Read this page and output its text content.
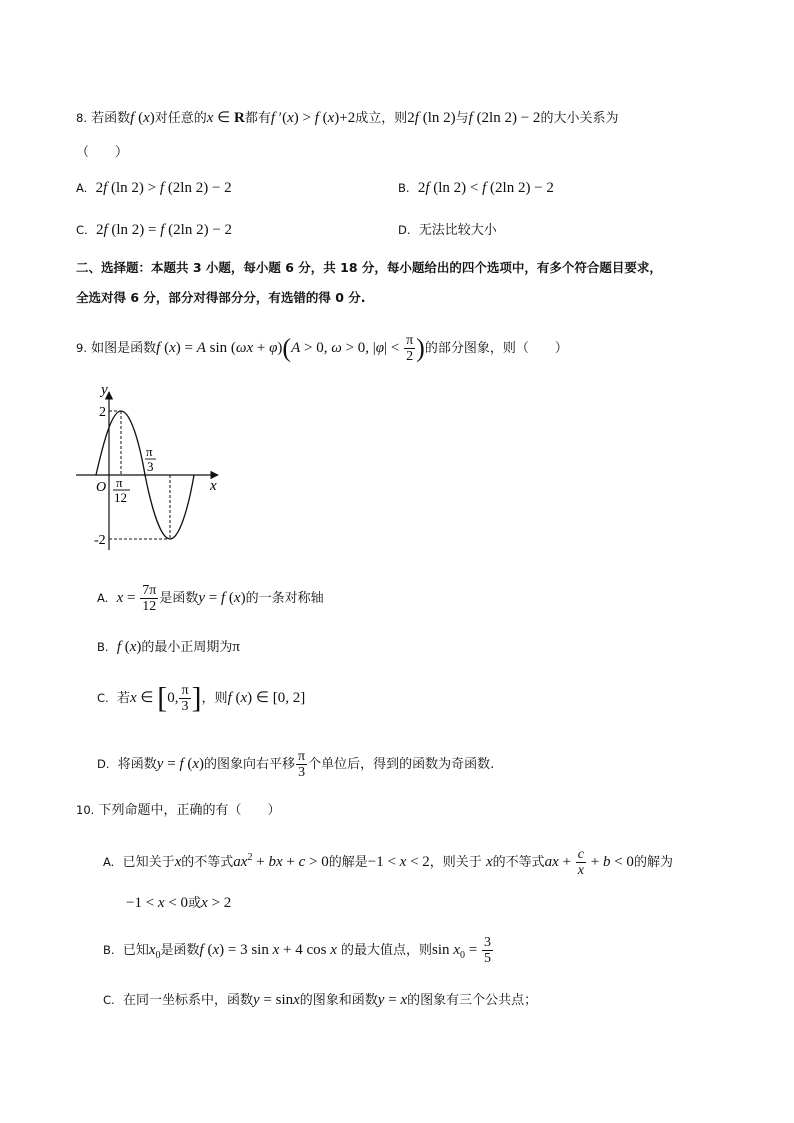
8. 若函数f (x)对任意的x ∈ R都有f ′(x) > f (x)+2成立，则2f (ln 2)与f (2ln 2) − 2的大小关系为
（　　）
A. 2f (ln 2) > f (2ln 2) − 2	B. 2f (ln 2) < f (2ln 2) − 2
C. 2f (ln 2) = f (2ln 2) − 2	D. 无法比较大小
二、选择题：本题共 3 小题，每小题 6 分，共 18 分，每小题给出的四个选项中，有多个符合题目要求，
全选对得 6 分，部分对得部分分，有选错的得 0 分.
9. 如图是函数f (x) = A sin (ωx + φ)(A > 0, ω > 0, $|\varphi| < \frac{\pi}{2}$ )的部分图象，则（　　）
y
x
O
2
-2
π
3
π
12
A. $x = \frac{7\pi}{12}$ 是函数y = f (x)的一条对称轴
B. f (x)的最小正周期为π
C. 若x ∈ [0, $\frac{\pi}{3}$ ]，则f (x) ∈ [0, 2]
D. 将函数y = f (x)的图象向右平移 $\frac{\pi}{3}$ 个单位后，得到的函数为奇函数.
10. 下列命题中，正确的有（　　）
A. 已知关于x的不等式$ax^2$ + bx + c > 0的解是−1 < x < 2，则关于 x的不等式ax + $\frac{c}{x} + b < 0$的解为
−1 < x < 0或x > 2
B. 已知$x_0$是函数f (x) = 3 sin x + 4 cos x 的最大值点，则$\sin x_0 = \frac{3}{5}$
C. 在同一坐标系中，函数y = sinx的图象和函数y = x的图象有三个公共点；
